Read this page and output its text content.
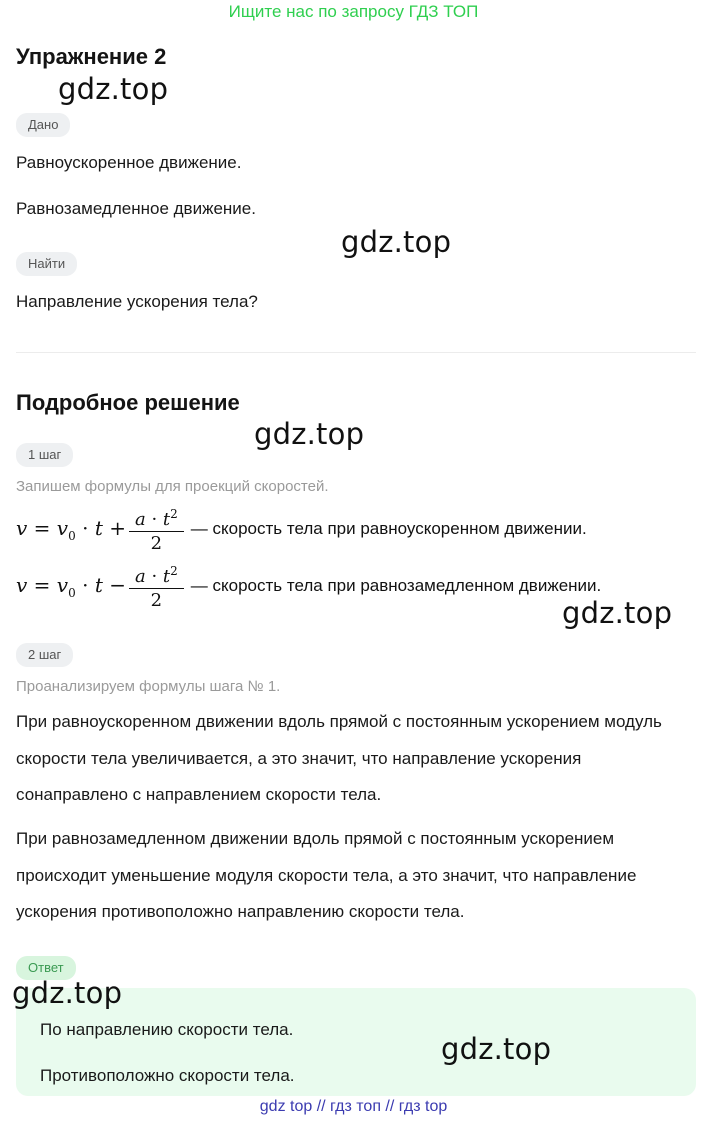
Ищите нас по запросу ГДЗ ТОП
Упражнение 2
gdz.top
Дано
Равноускоренное движение.
Равнозамедленное движение.
gdz.top
Найти
Направление ускорения тела?
Подробное решение
gdz.top
1 шаг
Запишем формулы для проекций скоростей.
$v = v_0 \cdot t + \frac{a \cdot t^2}{2}$ — скорость тела при равноускоренном движении.
$v = v_0 \cdot t - \frac{a \cdot t^2}{2}$ — скорость тела при равнозамедленном движении.
gdz.top
2 шаг
Проанализируем формулы шага № 1.
При равноускоренном движении вдоль прямой с постоянным ускорением модуль скорости тела увеличивается, а это значит, что направление ускорения сонаправлено с направлением скорости тела.
При равнозамедленном движении вдоль прямой с постоянным ускорением происходит уменьшение модуля скорости тела, а это значит, что направление ускорения противоположно направлению скорости тела.
Ответ
gdz.top
По направлению скорости тела.
gdz.top
Противоположно скорости тела.
gdz top // гдз топ // гдз top
